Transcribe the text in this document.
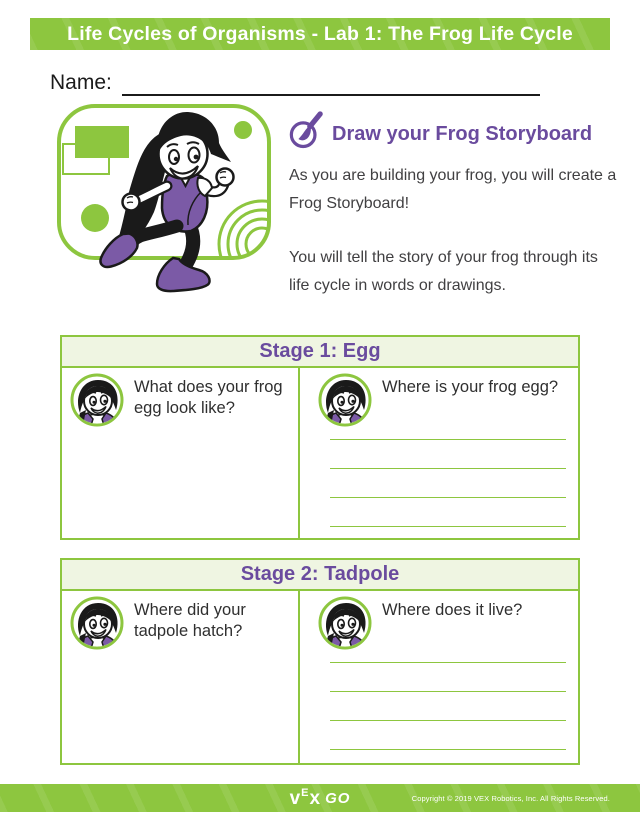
Life Cycles of Organisms - Lab 1: The Frog Life Cycle
Name:
Draw your Frog Storyboard

As you are building your frog, you will create a Frog Storyboard!

You will tell the story of your frog through its life cycle in words or drawings.

Stage 1: Egg
What does your frog egg look like?
Where is your frog egg?
Stage 2: Tadpole
Where did your tadpole hatch?
Where does it live?
v E x GO	Copyright © 2019 VEX Robotics, Inc. All Rights Reserved.
